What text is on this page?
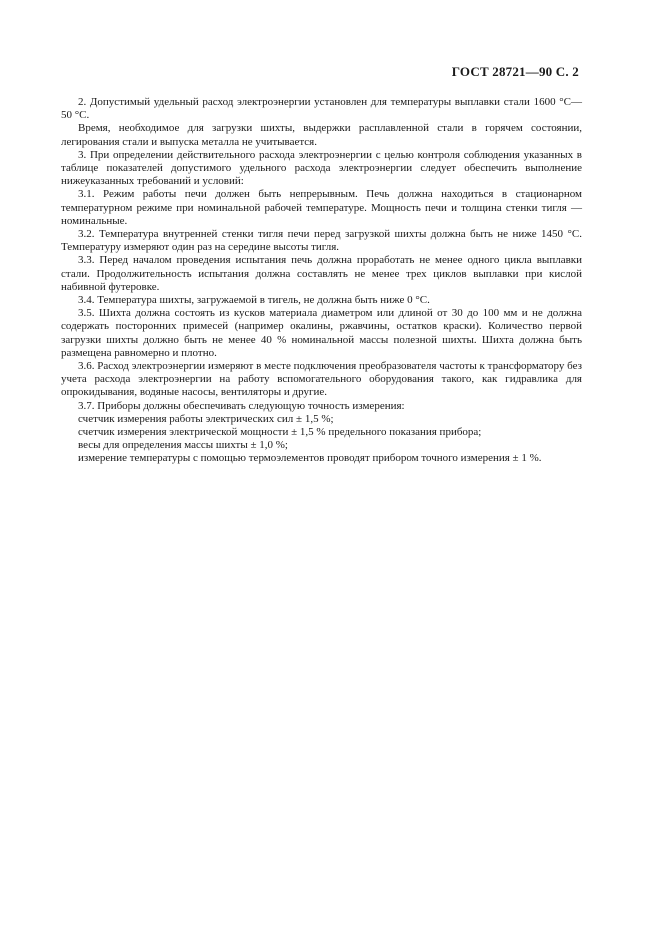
ГОСТ 28721—90 С. 2

2. Допустимый удельный расход электроэнергии установлен для температуры выплавки стали 1600 °С—50 °С.

Время, необходимое для загрузки шихты, выдержки расплавленной стали в горячем состоянии, легирования стали и выпуска металла не учитывается.

3. При определении действительного расхода электроэнергии с целью контроля соблюдения указанных в таблице показателей допустимого удельного расхода электроэнергии следует обеспечить выполнение нижеуказанных требований и условий:

3.1. Режим работы печи должен быть непрерывным. Печь должна находиться в стационарном температурном режиме при номинальной рабочей температуре. Мощность печи и толщина стенки тигля — номинальные.

3.2. Температура внутренней стенки тигля печи перед загрузкой шихты должна быть не ниже 1450 °С. Температуру измеряют один раз на середине высоты тигля.

3.3. Перед началом проведения испытания печь должна проработать не менее одного цикла выплавки стали. Продолжительность испытания должна составлять не менее трех циклов выплавки при кислой набивной футеровке.

3.4. Температура шихты, загружаемой в тигель, не должна быть ниже 0 °С.

3.5. Шихта должна состоять из кусков материала диаметром или длиной от 30 до 100 мм и не должна содержать посторонних примесей (например окалины, ржавчины, остатков краски). Количество первой загрузки шихты должно быть не менее 40 % номинальной массы полезной шихты. Шихта должна быть размещена равномерно и плотно.

3.6. Расход электроэнергии измеряют в месте подключения преобразователя частоты к трансформатору без учета расхода электроэнергии на работу вспомогательного оборудования такого, как гидравлика для опрокидывания, водяные насосы, вентиляторы и другие.

3.7. Приборы должны обеспечивать следующую точность измерения:

счетчик измерения работы электрических сил ± 1,5 %;

счетчик измерения электрической мощности ± 1,5 % предельного показания прибора;

весы для определения массы шихты ± 1,0 %;

измерение температуры с помощью термоэлементов проводят прибором точного измерения ± 1 %.
